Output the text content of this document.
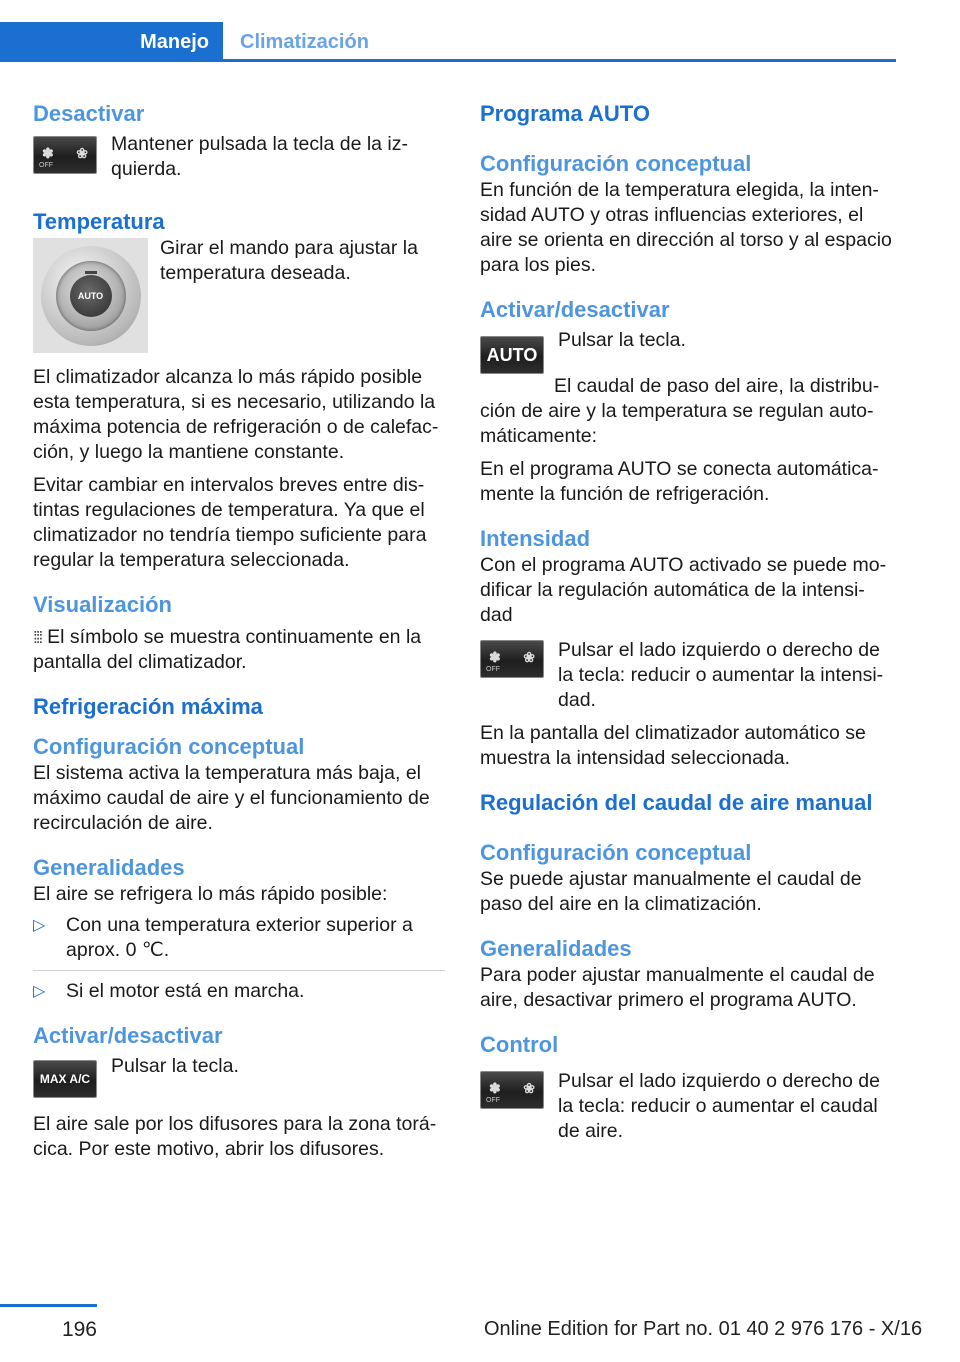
Manejo	Climatización
Desactivar
✽ ❀
OFF

Mantener pulsada la tecla de la iz‐quierda.

Temperatura
AUTO

Girar el mando para ajustar la temperatura deseada.

El climatizador alcanza lo más rápido posible esta temperatura, si es necesario, utilizando la máxima potencia de refrigeración o de calefac‐ción, y luego la mantiene constante.

Evitar cambiar en intervalos breves entre dis‐tintas regulaciones de temperatura. Ya que el climatizador no tendría tiempo suficiente para regular la temperatura seleccionada.

Visualización

⁞⁞⁞ El símbolo se muestra continuamente en la pantalla del climatizador.

Refrigeración máxima
Configuración conceptual

El sistema activa la temperatura más baja, el máximo caudal de aire y el funcionamiento de recirculación de aire.

Generalidades

El aire se refrigera lo más rápido posible:

▷ Con una temperatura exterior superior a aprox. 0 ℃.
▷ Si el motor está en marcha.
Activar/desactivar
MAX A/C

Pulsar la tecla.

El aire sale por los difusores para la zona torá‐cica. Por este motivo, abrir los difusores.

Programa AUTO
Configuración conceptual

En función de la temperatura elegida, la inten‐sidad AUTO y otras influencias exteriores, el aire se orienta en dirección al torso y al espacio para los pies.

Activar/desactivar
AUTO

Pulsar la tecla.

El caudal de paso del aire, la distribu‐ción de aire y la temperatura se regulan auto‐máticamente:

En el programa AUTO se conecta automática‐mente la función de refrigeración.

Intensidad

Con el programa AUTO activado se puede mo‐dificar la regulación automática de la intensi‐dad

✽ ❀
OFF

Pulsar el lado izquierdo o derecho de la tecla: reducir o aumentar la intensi‐dad.

En la pantalla del climatizador automático se muestra la intensidad seleccionada.

Regulación del caudal de aire manual
Configuración conceptual

Se puede ajustar manualmente el caudal de paso del aire en la climatización.

Generalidades

Para poder ajustar manualmente el caudal de aire, desactivar primero el programa AUTO.

Control
✽ ❀
OFF

Pulsar el lado izquierdo o derecho de la tecla: reducir o aumentar el caudal de aire.

196	Online Edition for Part no. 01 40 2 976 176 - X/16
